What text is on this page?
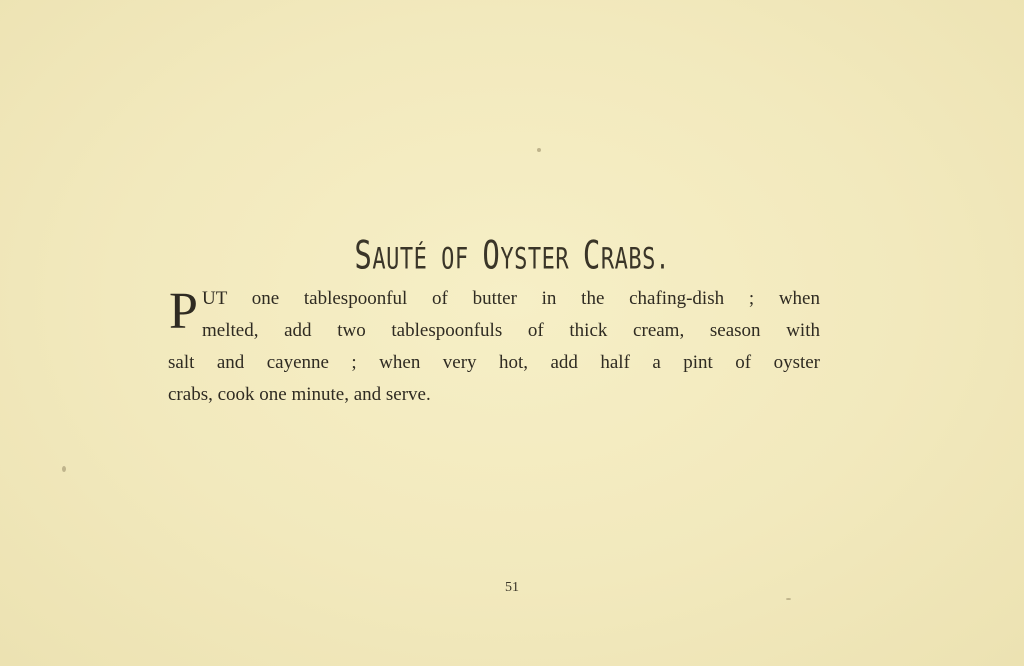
SAUTÉ OF OYSTER CRABS.
P UT one tablespoonful of butter in the chafing-dish ; when
melted, add two tablespoonfuls of thick cream, season with
salt and cayenne ; when very hot, add half a pint of oyster
crabs, cook one minute, and serve.
51
